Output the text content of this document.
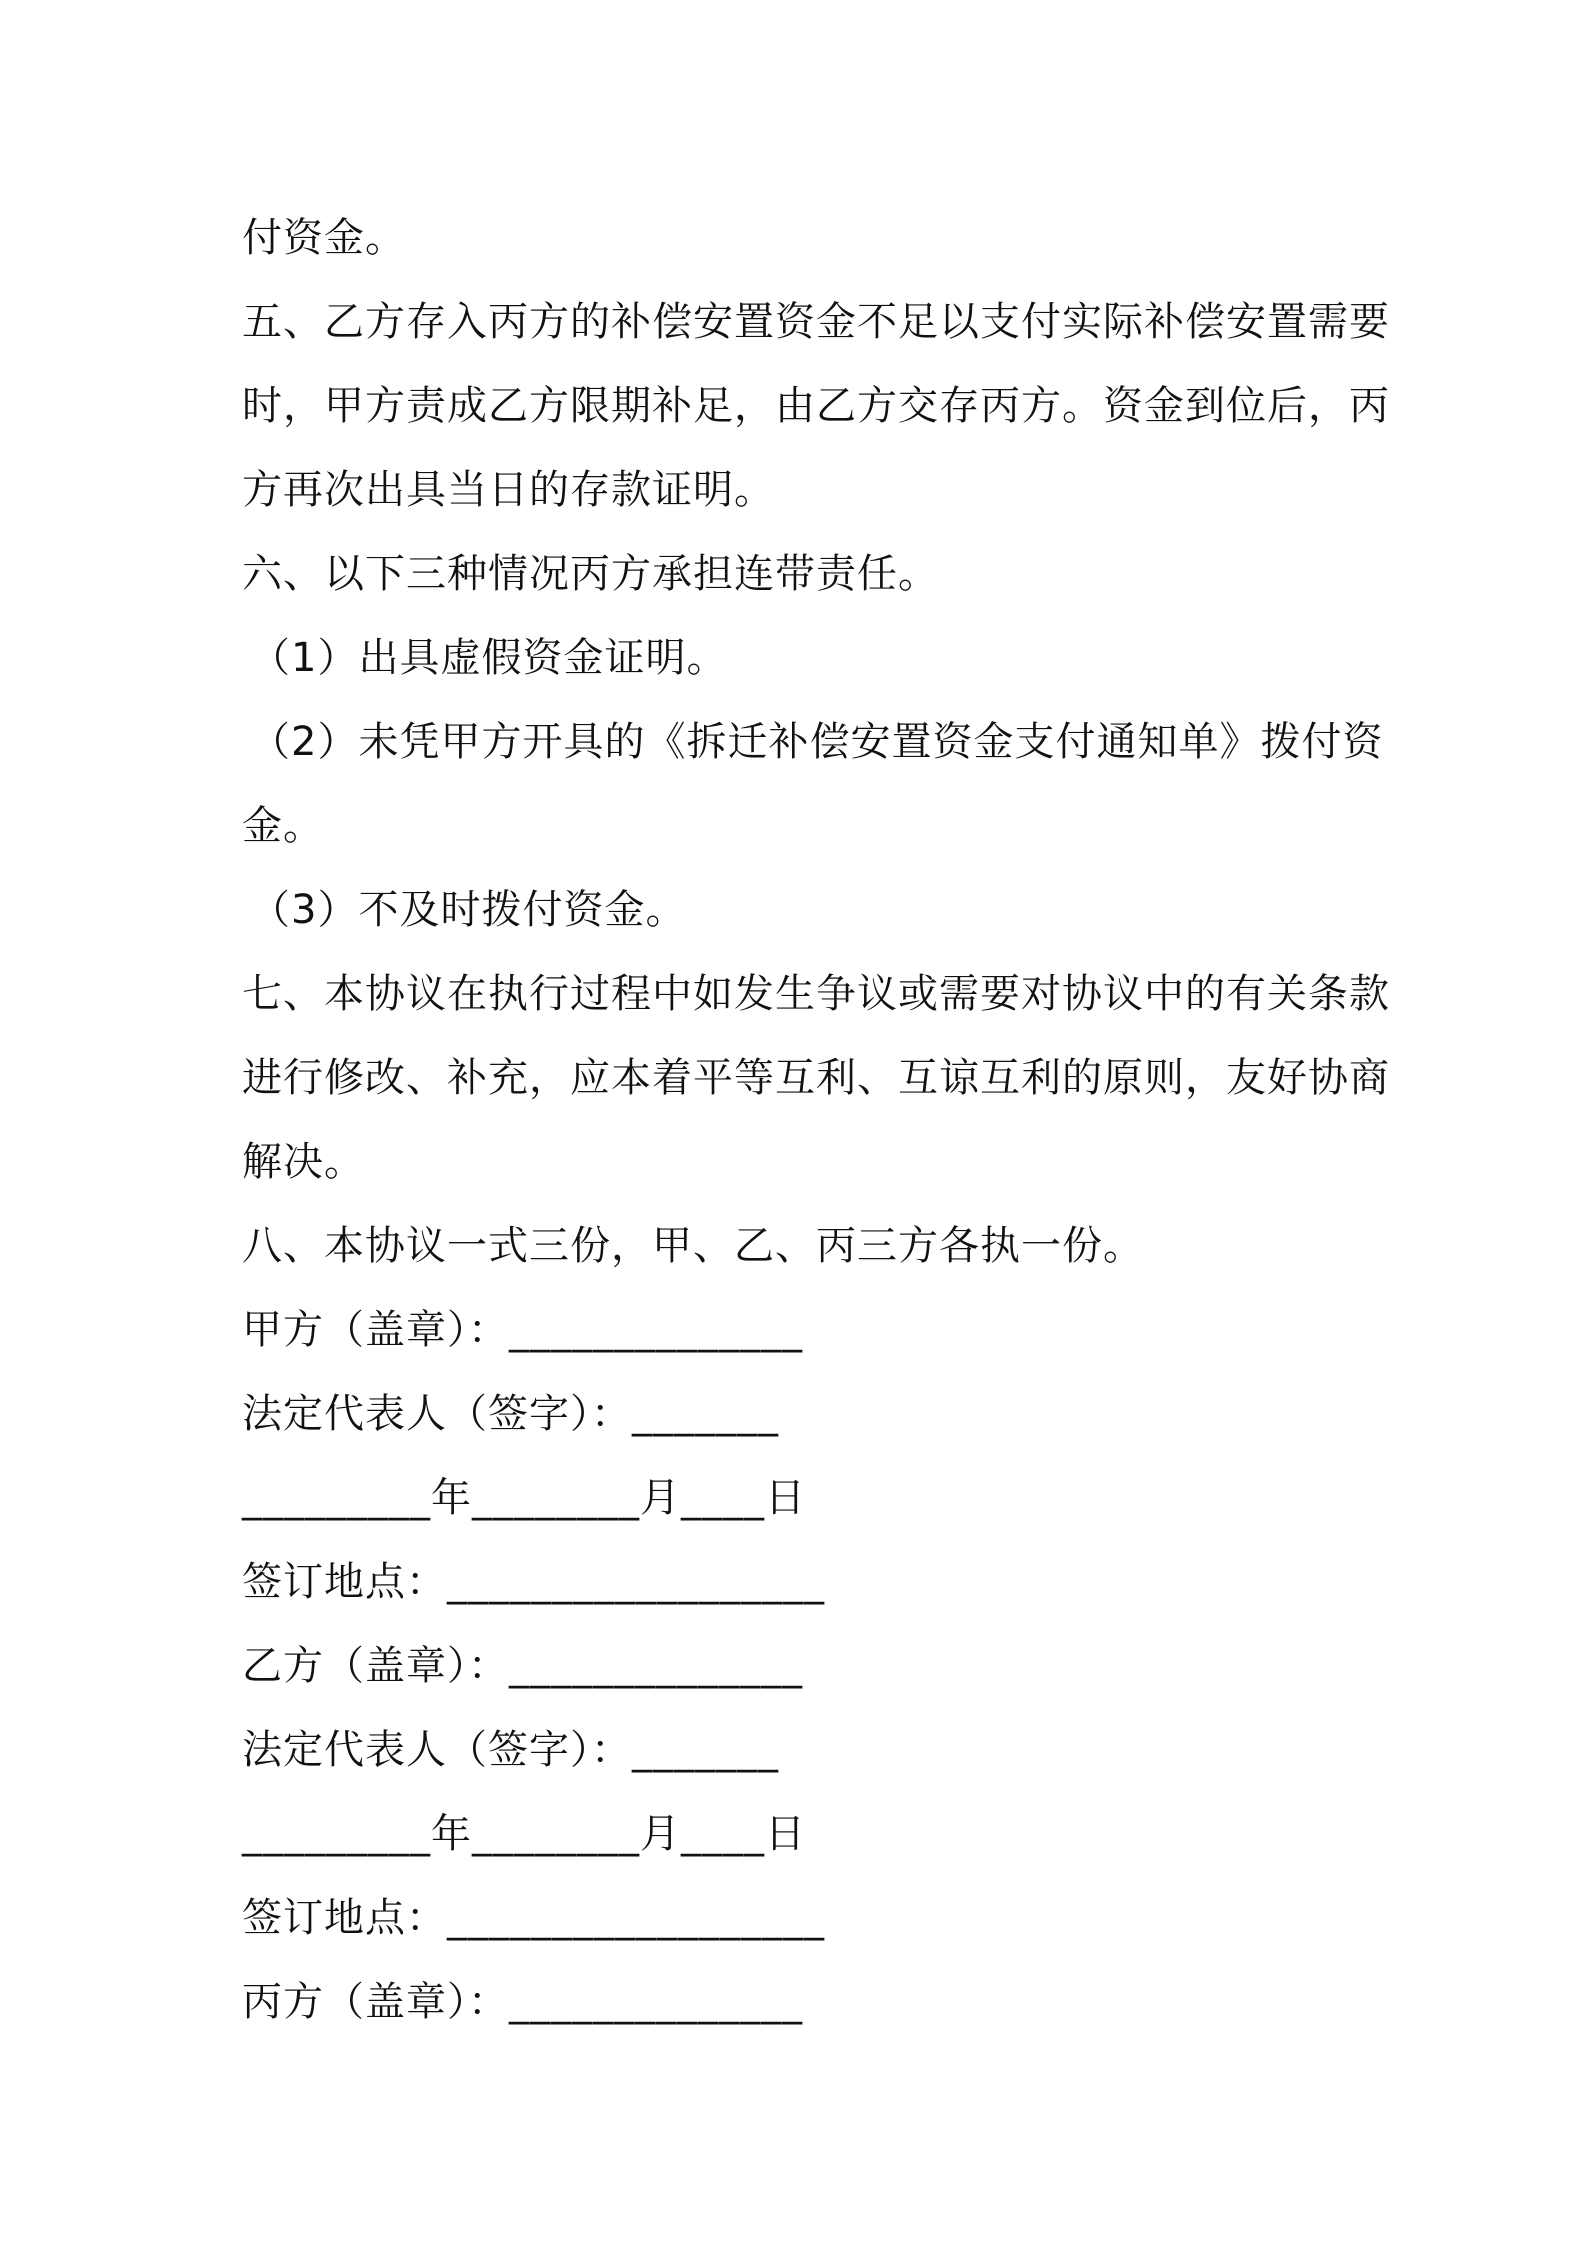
付资金。
五、乙方存入丙方的补偿安置资金不足以支付实际补偿安置需要
时，甲方责成乙方限期补足，由乙方交存丙方。资金到位后，丙
方再次出具当日的存款证明。
六、以下三种情况丙方承担连带责任。
（1）出具虚假资金证明。
（2）未凭甲方开具的《拆迁补偿安置资金支付通知单》拨付资
金。
（3）不及时拨付资金。
七、本协议在执行过程中如发生争议或需要对协议中的有关条款
进行修改、补充，应本着平等互利、互谅互利的原则，友好协商
解决。
八、本协议一式三份，甲、乙、丙三方各执一份。
甲方（盖章）：______________
法定代表人（签字）：_______
_________年________月____日
签订地点：__________________
乙方（盖章）：______________
法定代表人（签字）：_______
_________年________月____日
签订地点：__________________
丙方（盖章）：______________
